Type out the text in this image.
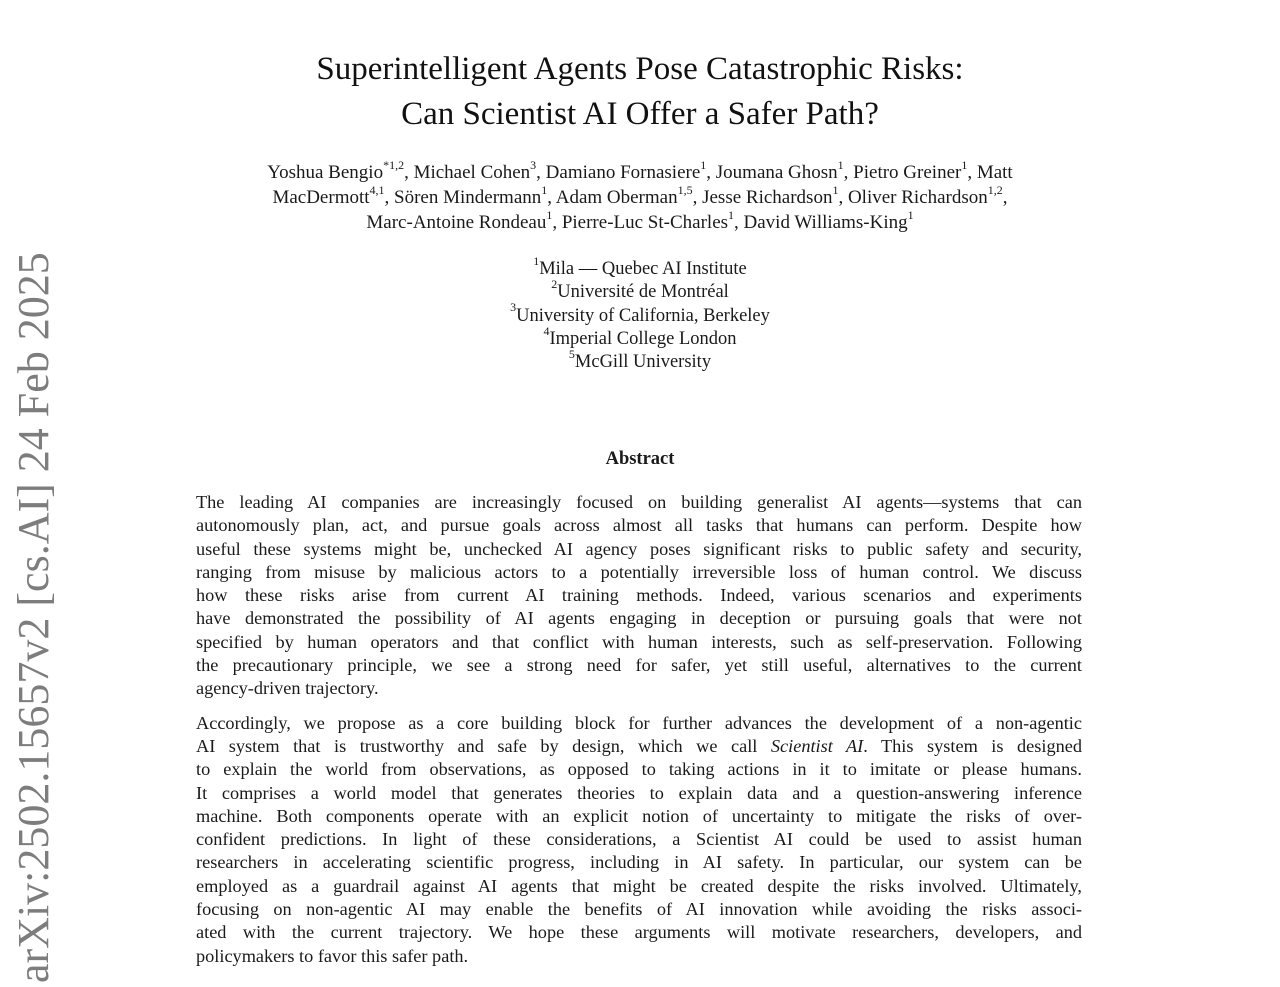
arXiv:2502.15657v2 [cs.AI] 24 Feb 2025
Superintelligent Agents Pose Catastrophic Risks:
Can Scientist AI Offer a Safer Path?
Yoshua Bengio$^{*1,2}$, Michael Cohen$^3$, Damiano Fornasiere$^1$, Joumana Ghosn$^1$, Pietro Greiner$^1$, Matt
MacDermott$^{4,1}$, Sören Mindermann$^1$, Adam Oberman$^{1,5}$, Jesse Richardson$^1$, Oliver Richardson$^{1,2}$,
Marc-Antoine Rondeau$^1$, Pierre-Luc St-Charles$^1$, David Williams-King$^1$
$^1$Mila — Quebec AI Institute
$^2$Université de Montréal
$^3$University of California, Berkeley
$^4$Imperial College London
$^5$McGill University
Abstract

The leading AI companies are increasingly focused on building generalist AI agents—systems that can
autonomously plan, act, and pursue goals across almost all tasks that humans can perform. Despite how
useful these systems might be, unchecked AI agency poses significant risks to public safety and security,
ranging from misuse by malicious actors to a potentially irreversible loss of human control. We discuss
how these risks arise from current AI training methods. Indeed, various scenarios and experiments
have demonstrated the possibility of AI agents engaging in deception or pursuing goals that were not
specified by human operators and that conflict with human interests, such as self-preservation. Following
the precautionary principle, we see a strong need for safer, yet still useful, alternatives to the current
agency-driven trajectory.

Accordingly, we propose as a core building block for further advances the development of a non-agentic
AI system that is trustworthy and safe by design, which we call Scientist AI. This system is designed
to explain the world from observations, as opposed to taking actions in it to imitate or please humans.
It comprises a world model that generates theories to explain data and a question-answering inference
machine. Both components operate with an explicit notion of uncertainty to mitigate the risks of over-
confident predictions. In light of these considerations, a Scientist AI could be used to assist human
researchers in accelerating scientific progress, including in AI safety. In particular, our system can be
employed as a guardrail against AI agents that might be created despite the risks involved. Ultimately,
focusing on non-agentic AI may enable the benefits of AI innovation while avoiding the risks associ-
ated with the current trajectory. We hope these arguments will motivate researchers, developers, and
policymakers to favor this safer path.
